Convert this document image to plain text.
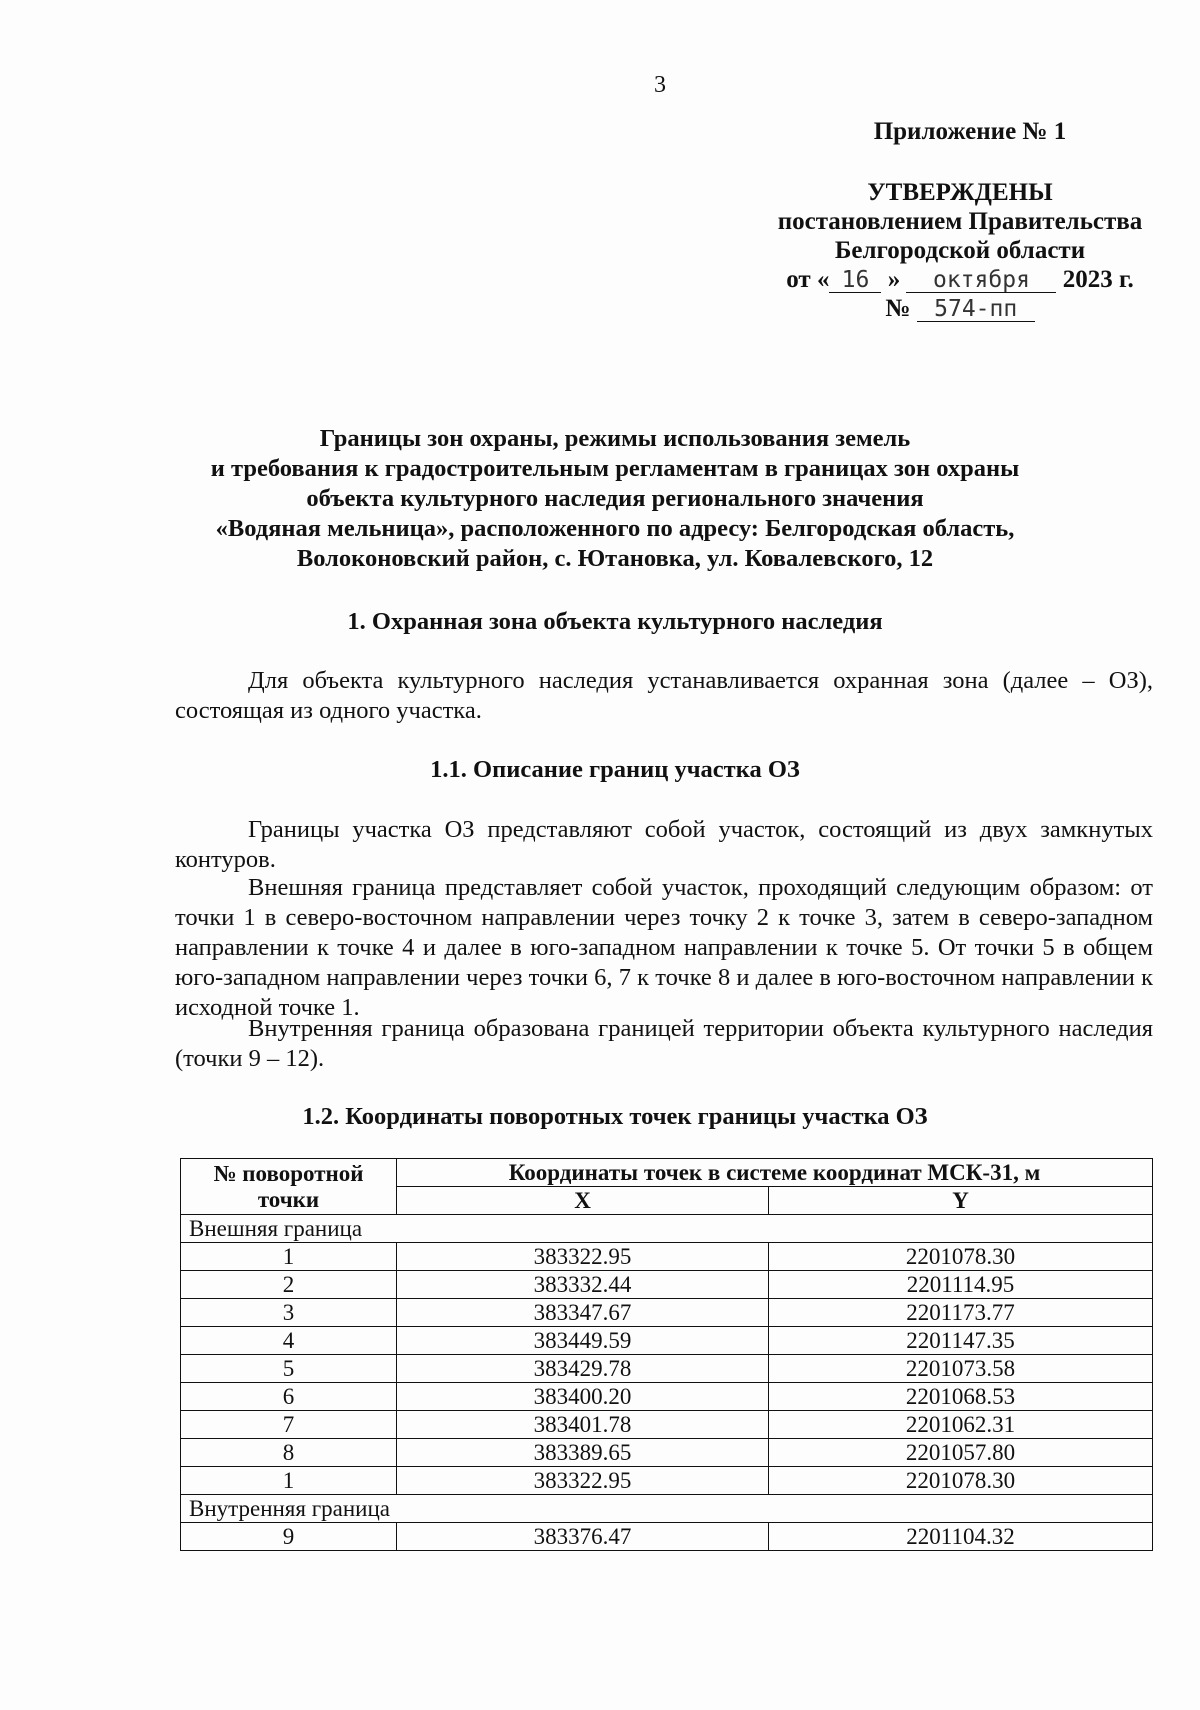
3
Приложение № 1
УТВЕРЖДЕНЫ
постановлением Правительства
Белгородской области
от « 16 » октября 2023 г.
№ 574-пп
Границы зон охраны, режимы использования земель
и требования к градостроительным регламентам в границах зон охраны
объекта культурного наследия регионального значения
«Водяная мельница», расположенного по адресу: Белгородская область,
Волоконовский район, с. Ютановка, ул. Ковалевского, 12
1. Охранная зона объекта культурного наследия

Для объекта культурного наследия устанавливается охранная зона (далее – ОЗ), состоящая из одного участка.

1.1. Описание границ участка ОЗ

Границы участка ОЗ представляют собой участок, состоящий из двух замкнутых контуров.

Внешняя граница представляет собой участок, проходящий следующим образом: от точки 1 в северо-восточном направлении через точку 2 к точке 3, затем в северо-западном направлении к точке 4 и далее в юго-западном направлении к точке 5. От точки 5 в общем юго-западном направлении через точки 6, 7 к точке 8 и далее в юго-восточном направлении к исходной точке 1.

Внутренняя граница образована границей территории объекта культурного наследия (точки 9 – 12).

1.2. Координаты поворотных точек границы участка ОЗ
№ поворотной точки	Координаты точек в системе координат МСК-31, м	
	X	Y
Внешняя граница		
1	383322.95	2201078.30
2	383332.44	2201114.95
3	383347.67	2201173.77
4	383449.59	2201147.35
5	383429.78	2201073.58
6	383400.20	2201068.53
7	383401.78	2201062.31
8	383389.65	2201057.80
1	383322.95	2201078.30
Внутренняя граница		
9	383376.47	2201104.32
